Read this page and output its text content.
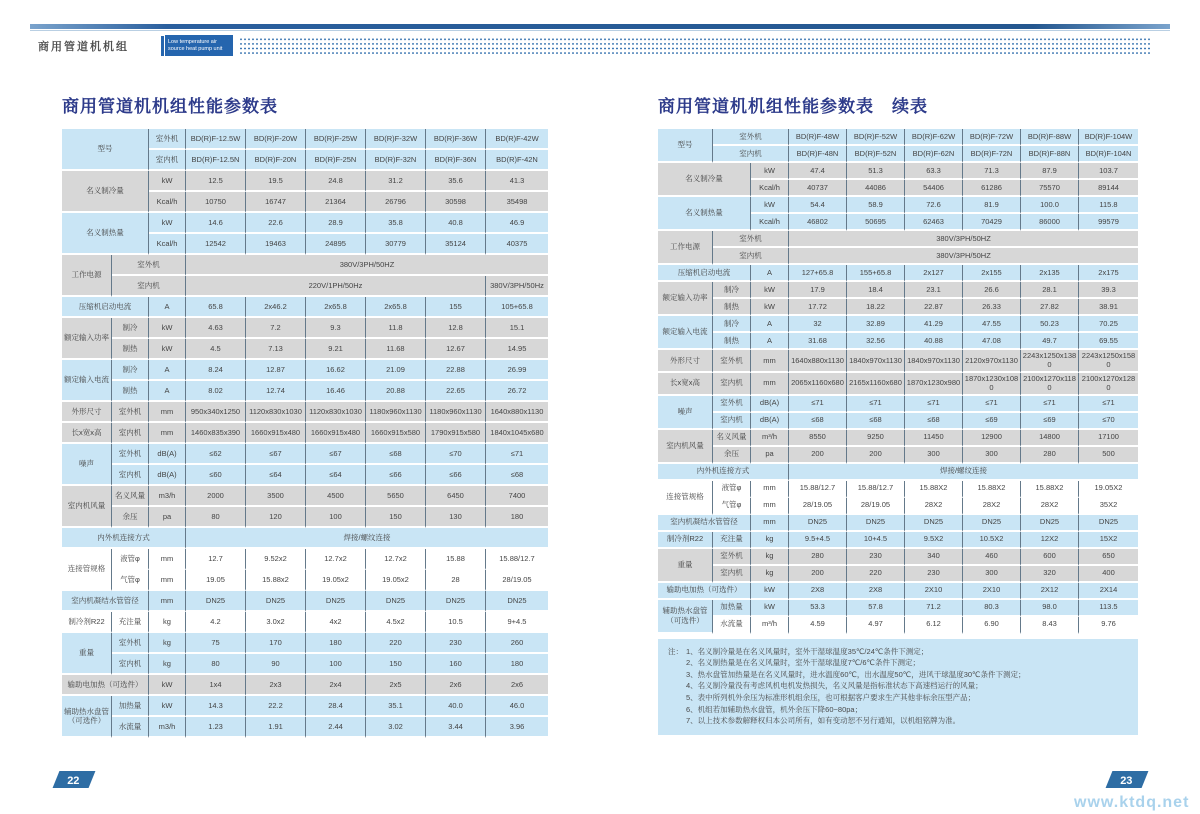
商用管道机机组	Low temperature air
source heat pump unit
商用管道机机组性能参数表
型号		室外机	BD(R)F-12.5W	BD(R)F-20W	BD(R)F-25W	BD(R)F-32W	BD(R)F-36W	BD(R)F-42W
		室内机	BD(R)F-12.5N	BD(R)F-20N	BD(R)F-25N	BD(R)F-32N	BD(R)F-36N	BD(R)F-42N
名义制冷量		kW	12.5	19.5	24.8	31.2	35.6	41.3
		Kcal/h	10750	16747	21364	26796	30598	35498
名义制热量		kW	14.6	22.6	28.9	35.8	40.8	46.9
		Kcal/h	12542	19463	24895	30779	35124	40375
工作电源	室外机		380V/3PH/50HZ					
	室内机		220V/1PH/50Hz					380V/3PH/50Hz
压缩机启动电流		A	65.8	2x46.2	2x65.8	2x65.8	155	105+65.8
额定输入功率	制冷	kW	4.63	7.2	9.3	11.8	12.8	15.1
	制热	kW	4.5	7.13	9.21	11.68	12.67	14.95
额定输入电流	制冷	A	8.24	12.87	16.62	21.09	22.88	26.99
	制热	A	8.02	12.74	16.46	20.88	22.65	26.72
外形尺寸	室外机	mm	950x340x1250	1120x830x1030	1120x830x1030	1180x960x1130	1180x960x1130	1640x880x1130
长x宽x高	室内机	mm	1460x835x390	1660x915x480	1660x915x480	1660x915x580	1790x915x580	1840x1045x680
噪声	室外机	dB(A)	≤62	≤67	≤67	≤68	≤70	≤71
	室内机	dB(A)	≤60	≤64	≤64	≤66	≤66	≤68
室内机风量	名义风量	m3/h	2000	3500	4500	5650	6450	7400
	余压	pa	80	120	100	150	130	180
内外机连接方式			焊接/螺纹连接					
连接管规格	液管φ	mm	12.7	9.52x2	12.7x2	12.7x2	15.88	15.88/12.7
	气管φ	mm	19.05	15.88x2	19.05x2	19.05x2	28	28/19.05
室内机凝结水管管径		mm	DN25	DN25	DN25	DN25	DN25	DN25
制冷剂R22	充注量	kg	4.2	3.0x2	4x2	4.5x2	10.5	9+4.5
重量	室外机	kg	75	170	180	220	230	260
	室内机	kg	80	90	100	150	160	180
输助电加热（可选件）		kW	1x4	2x3	2x4	2x5	2x6	2x6
辅助热水盘管（可选件）	加热量	kW	14.3	22.2	28.4	35.1	40.0	46.0
	水流量	m3/h	1.23	1.91	2.44	3.02	3.44	3.96
商用管道机机组性能参数表　续表
型号	室外机		BD(R)F-48W	BD(R)F-52W	BD(R)F-62W	BD(R)F-72W	BD(R)F-88W	BD(R)F-104W
	室内机		BD(R)F-48N	BD(R)F-52N	BD(R)F-62N	BD(R)F-72N	BD(R)F-88N	BD(R)F-104N
名义制冷量		kW	47.4	51.3	63.3	71.3	87.9	103.7
		Kcal/h	40737	44086	54406	61286	75570	89144
名义制热量		kW	54.4	58.9	72.6	81.9	100.0	115.8
		Kcal/h	46802	50695	62463	70429	86000	99579
工作电源	室外机		380V/3PH/50HZ					
	室内机		380V/3PH/50HZ					
压缩机启动电流		A	127+65.8	155+65.8	2x127	2x155	2x135	2x175
额定输入功率	制冷	kW	17.9	18.4	23.1	26.6	28.1	39.3
	制热	kW	17.72	18.22	22.87	26.33	27.82	38.91
额定输入电流	制冷	A	32	32.89	41.29	47.55	50.23	70.25
	制热	A	31.68	32.56	40.88	47.08	49.7	69.55
外形尺寸	室外机	mm	1640x880x1130	1840x970x1130	1840x970x1130	2120x970x1130	2243x1250x1380	2243x1250x1580
长x宽x高	室内机	mm	2065x1160x680	2165x1160x680	1870x1230x980	1870x1230x1080	2100x1270x1180	2100x1270x1280
噪声	室外机	dB(A)	≤71	≤71	≤71	≤71	≤71	≤71
	室内机	dB(A)	≤68	≤68	≤68	≤69	≤69	≤70
室内机风量	名义风量	m³/h	8550	9250	11450	12900	14800	17100
	余压	pa	200	200	300	300	280	500
内外机连接方式			焊接/螺纹连接					
连接管规格	液管φ	mm	15.88/12.7	15.88/12.7	15.88X2	15.88X2	15.88X2	19.05X2
	气管φ	mm	28/19.05	28/19.05	28X2	28X2	28X2	35X2
室内机凝结水管管径		mm	DN25	DN25	DN25	DN25	DN25	DN25
制冷剂R22	充注量	kg	9.5+4.5	10+4.5	9.5X2	10.5X2	12X2	15X2
重量	室外机	kg	280	230	340	460	600	650
	室内机	kg	200	220	230	300	320	400
输助电加热（可选件）		kW	2X8	2X8	2X10	2X10	2X12	2X14
辅助热水盘管（可选件）	加热量	kW	53.3	57.8	71.2	80.3	98.0	113.5
	水流量	m³/h	4.59	4.97	6.12	6.90	8.43	9.76
注： 1、名义制冷量是在名义风量时，室外干湿球温度35℃/24℃条件下测定；
2、名义制热量是在名义风量时，室外干湿球温度7℃/6℃条件下测定；
3、热水盘管加热量是在名义风量时，进水温度60℃，出水温度50℃，进风干球温度30℃条件下测定；
4、名义制冷量没有考虑风机电机发热损失，名义风量是指标准状态下高速档运行的风量；
5、表中所列机外余压为标准形机组余压，也可根据客户要求生产其他非标余压型产品；
6、机组若加辅助热水盘管，机外余压下降60~80pa；
7、以上技术参数解释权归本公司所有，如有变动恕不另行通知，以机组铭牌为准。
22	23
www.ktdq.net
